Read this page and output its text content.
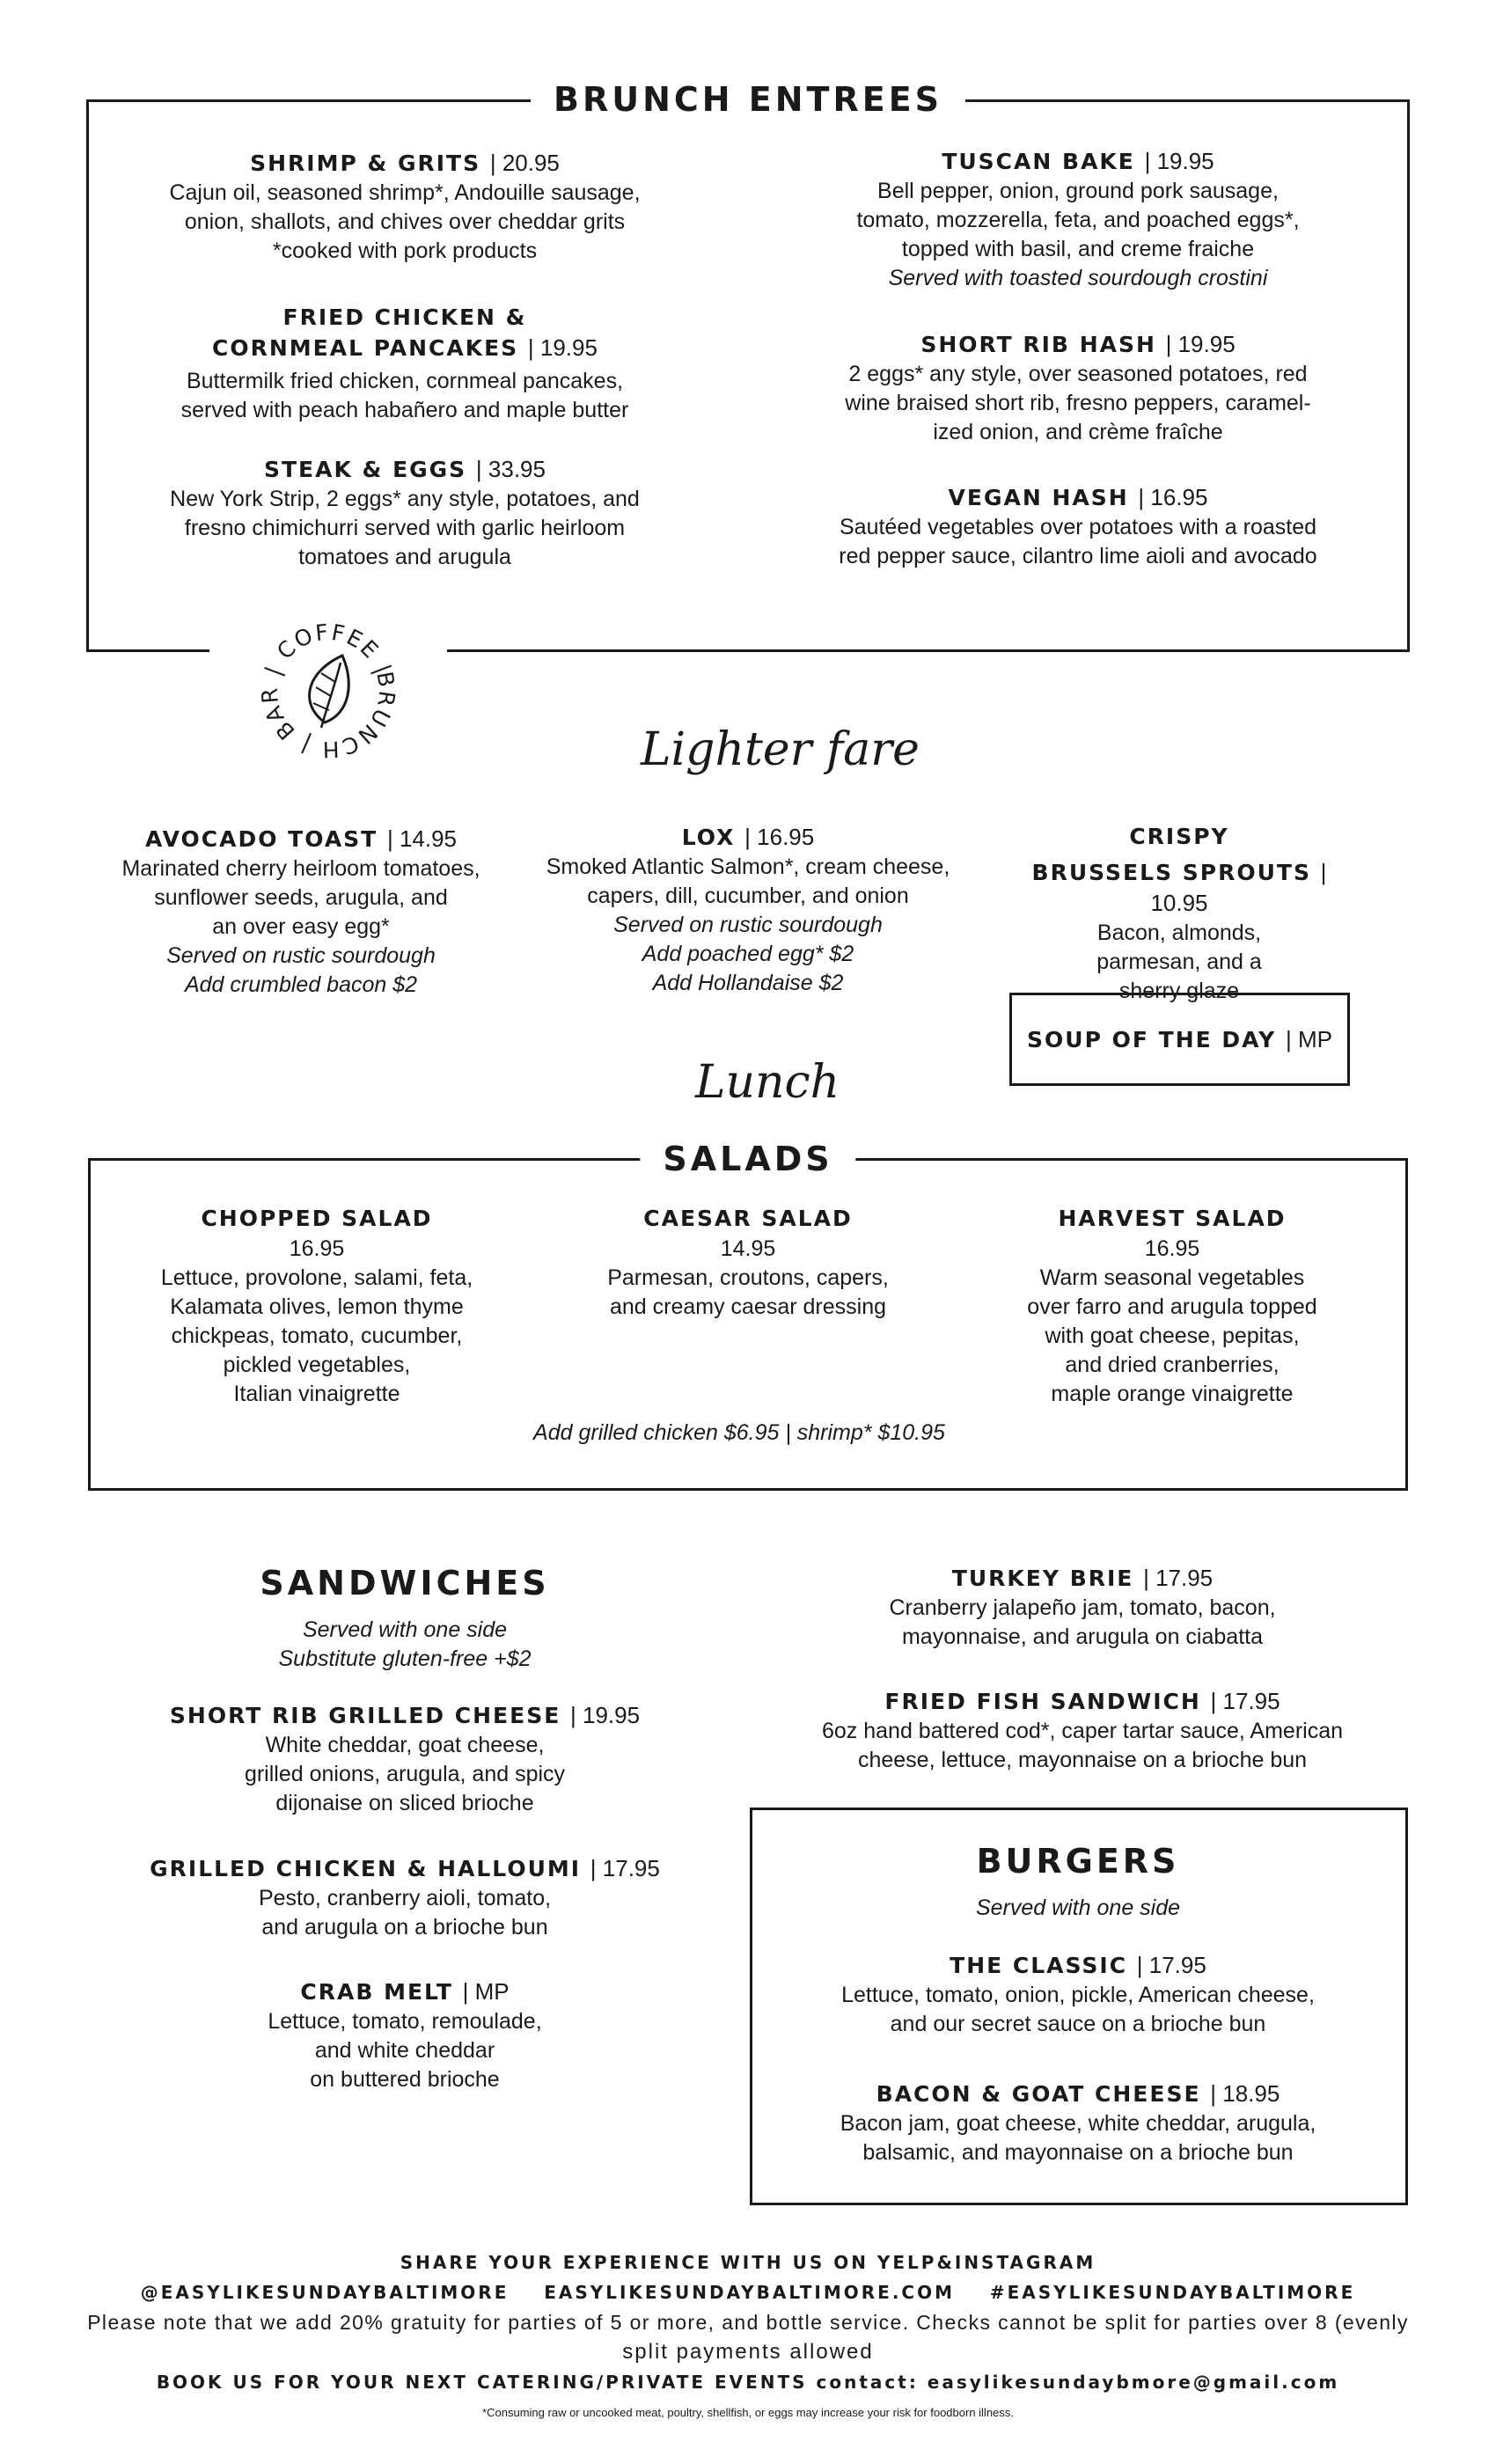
BRUNCH ENTREES
SHRIMP & GRITS | 20.95
Cajun oil, seasoned shrimp*, Andouille sausage,
onion, shallots, and chives over cheddar grits
*cooked with pork products
FRIED CHICKEN &
CORNMEAL PANCAKES | 19.95
Buttermilk fried chicken, cornmeal pancakes,
served with peach habañero and maple butter
STEAK & EGGS | 33.95
New York Strip, 2 eggs* any style, potatoes, and
fresno chimichurri served with garlic heirloom
tomatoes and arugula
TUSCAN BAKE | 19.95
Bell pepper, onion, ground pork sausage,
tomato, mozzerella, feta, and poached eggs*,
topped with basil, and creme fraiche
Served with toasted sourdough crostini
SHORT RIB HASH | 19.95
2 eggs* any style, over seasoned potatoes, red
wine braised short rib, fresno peppers, caramel-
ized onion, and crème fraîche
VEGAN HASH | 16.95
Sautéed vegetables over potatoes with a roasted
red pepper sauce, cilantro lime aioli and avocado
BRUNCH | BAR | COFFEE |
Lighter fare
AVOCADO TOAST | 14.95
Marinated cherry heirloom tomatoes,
sunflower seeds, arugula, and
an over easy egg*
Served on rustic sourdough
Add crumbled bacon $2
LOX | 16.95
Smoked Atlantic Salmon*, cream cheese,
capers, dill, cucumber, and onion
Served on rustic sourdough
Add poached egg* $2
Add Hollandaise $2
CRISPY
BRUSSELS SPROUTS | 10.95
Bacon, almonds,
parmesan, and a
sherry glaze
SOUP OF THE DAY | MP
Lunch
SALADS
CHOPPED SALAD
16.95
Lettuce, provolone, salami, feta,
Kalamata olives, lemon thyme
chickpeas, tomato, cucumber,
pickled vegetables,
Italian vinaigrette
CAESAR SALAD
14.95
Parmesan, croutons, capers,
and creamy caesar dressing
HARVEST SALAD
16.95
Warm seasonal vegetables
over farro and arugula topped
with goat cheese, pepitas,
and dried cranberries,
maple orange vinaigrette
Add grilled chicken $6.95 | shrimp* $10.95
SANDWICHES
Served with one side
Substitute gluten-free +$2
SHORT RIB GRILLED CHEESE | 19.95
White cheddar, goat cheese,
grilled onions, arugula, and spicy
dijonaise on sliced brioche
GRILLED CHICKEN & HALLOUMI | 17.95
Pesto, cranberry aioli, tomato,
and arugula on a brioche bun
CRAB MELT | MP
Lettuce, tomato, remoulade,
and white cheddar
on buttered brioche
TURKEY BRIE | 17.95
Cranberry jalapeño jam, tomato, bacon,
mayonnaise, and arugula on ciabatta
FRIED FISH SANDWICH | 17.95
6oz hand battered cod*, caper tartar sauce, American
cheese, lettuce, mayonnaise on a brioche bun
BURGERS
Served with one side
THE CLASSIC | 17.95
Lettuce, tomato, onion, pickle, American cheese,
and our secret sauce on a brioche bun
BACON & GOAT CHEESE | 18.95
Bacon jam, goat cheese, white cheddar, arugula,
balsamic, and mayonnaise on a brioche bun
SHARE YOUR EXPERIENCE WITH US ON YELP&INSTAGRAM
@EASYLIKESUNDAYBALTIMORE    EASYLIKESUNDAYBALTIMORE.COM    #EASYLIKESUNDAYBALTIMORE
Please note that we add 20% gratuity for parties of 5 or more, and bottle service. Checks cannot be split for parties over 8 (evenly
split payments allowed
BOOK US FOR YOUR NEXT CATERING/PRIVATE EVENTS contact: easylikesundaybmore@gmail.com
*Consuming raw or uncooked meat, poultry, shellfish, or eggs may increase your risk for foodborn illness.
